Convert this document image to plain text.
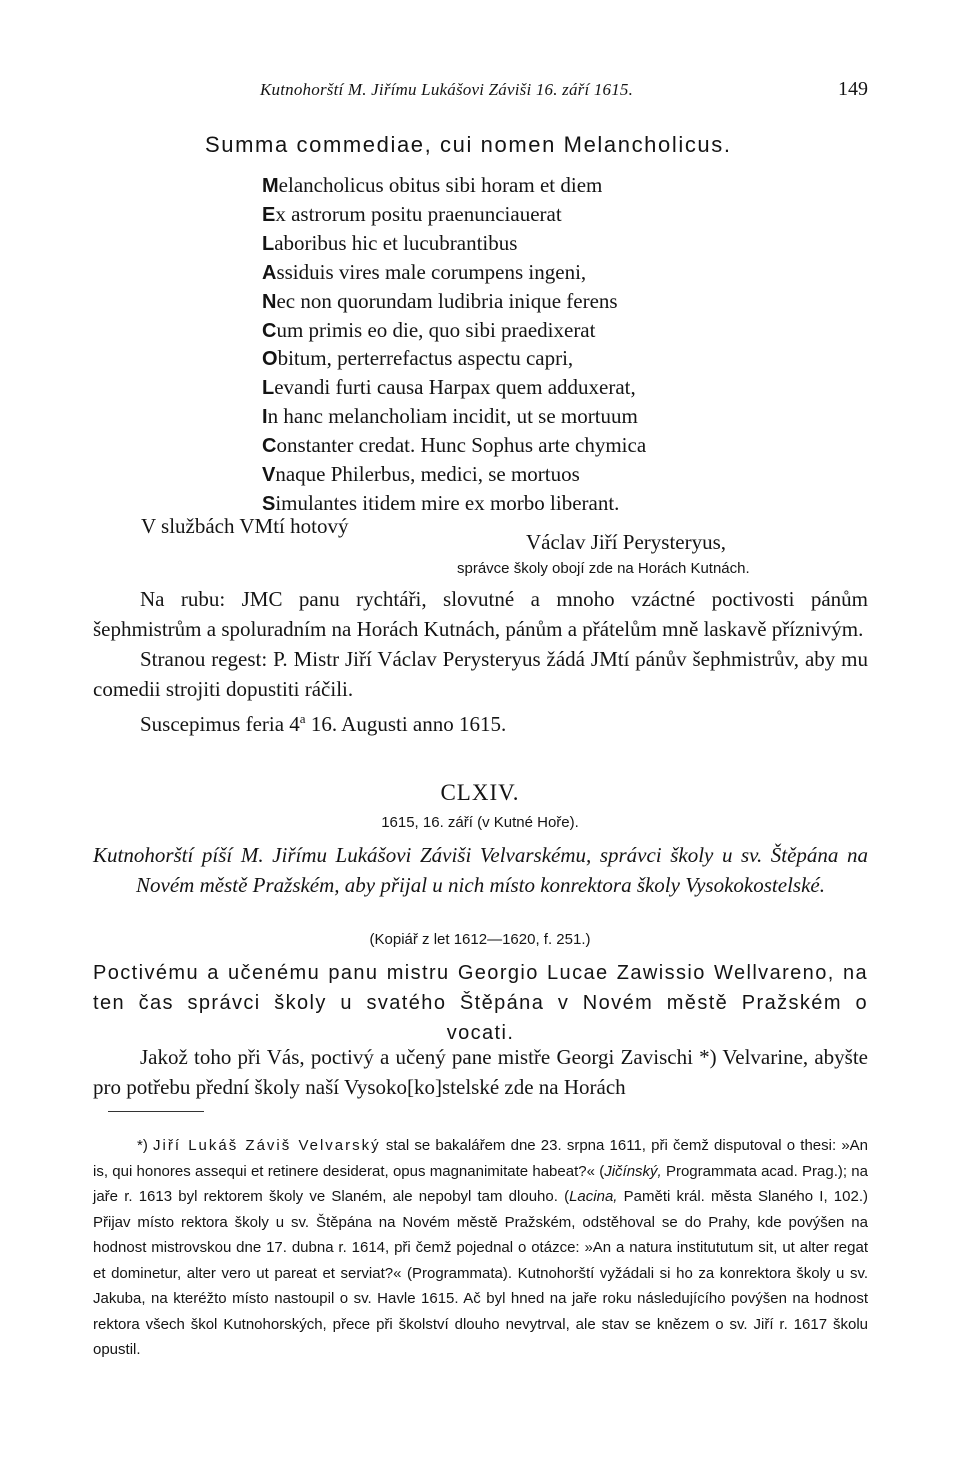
Kutnohorští M. Jiřímu Lukášovi Záviši 16. září 1615.	149
Summa commediae, cui nomen Melancholicus.
Melancholicus obitus sibi horam et diem
Ex astrorum positu praenunciauerat
Laboribus hic et lucubrantibus
Assiduis vires male corumpens ingeni,
Nec non quorundam ludibria inique ferens
Cum primis eo die, quo sibi praedixerat
Obitum, perterrefactus aspectu capri,
Levandi furti causa Harpax quem adduxerat,
In hanc melancholiam incidit, ut se mortuum
Constanter credat. Hunc Sophus arte chymica
Vnaque Philerbus, medici, se mortuos
Simulantes itidem mire ex morbo liberant.
V službách VMtí hotový
Václav Jiří Perysteryus,
správce školy obojí zde na Horách Kutnách.

Na rubu: JMC panu rychtáři, slovutné a mnoho vzáctné poctivosti pánům šephmistrům a spoluradním na Horách Kutnách, pánům a přátelům mně laskavě příznivým.

Stranou regest: P. Mistr Jiří Václav Perysteryus žádá JMtí pánův šephmistrův, aby mu comedii strojiti dopustiti ráčili.

Suscepimus feria 4$^a$ 16. Augusti anno 1615.

CLXIV.
1615, 16. září (v Kutné Hoře).
Kutnohorští píší M. Jiřímu Lukášovi Záviši Velvarskému, správci školy u sv. Štěpána na Novém městě Pražském, aby přijal u nich místo konrektora školy Vysokokostelské.
(Kopiář z let 1612—1620, f. 251.)
Poctivému a učenému panu mistru Georgio Lucae Zawissio Wellvareno, na ten čas správci školy u svatého Štěpána v Novém městě Pražském o vocati.

Jakož toho při Vás, poctivý a učený pane mistře Georgi Zavischi *) Velvarine, abyšte pro potřebu přední školy naší Vysoko[ko]stelské zde na Horách

*) Jiří Lukáš Záviš Velvarský stal se bakalářem dne 23. srpna 1611, při čemž disputoval o thesi: »An is, qui honores assequi et retinere desiderat, opus magnanimitate habeat?« (Jičínský, Programmata acad. Prag.); na jaře r. 1613 byl rektorem školy ve Slaném, ale nepobyl tam dlouho. (Lacina, Paměti král. města Slaného I, 102.) Přijav místo rektora školy u sv. Štěpána na Novém městě Pražském, odstěhoval se do Prahy, kde povýšen na hodnost mistrovskou dne 17. dubna r. 1614, při čemž pojednal o otázce: »An a natura institututum sit, ut alter regat et dominetur, alter vero ut pareat et serviat?« (Programmata). Kutnohorští vyžádali si ho za konrektora školy u sv. Jakuba, na kteréžto místo nastoupil o sv. Havle 1615. Ač byl hned na jaře roku následujícího povýšen na hodnost rektora všech škol Kutnohorských, přece při školství dlouho nevytrval, ale stav se knězem o sv. Jiří r. 1617 školu opustil.
